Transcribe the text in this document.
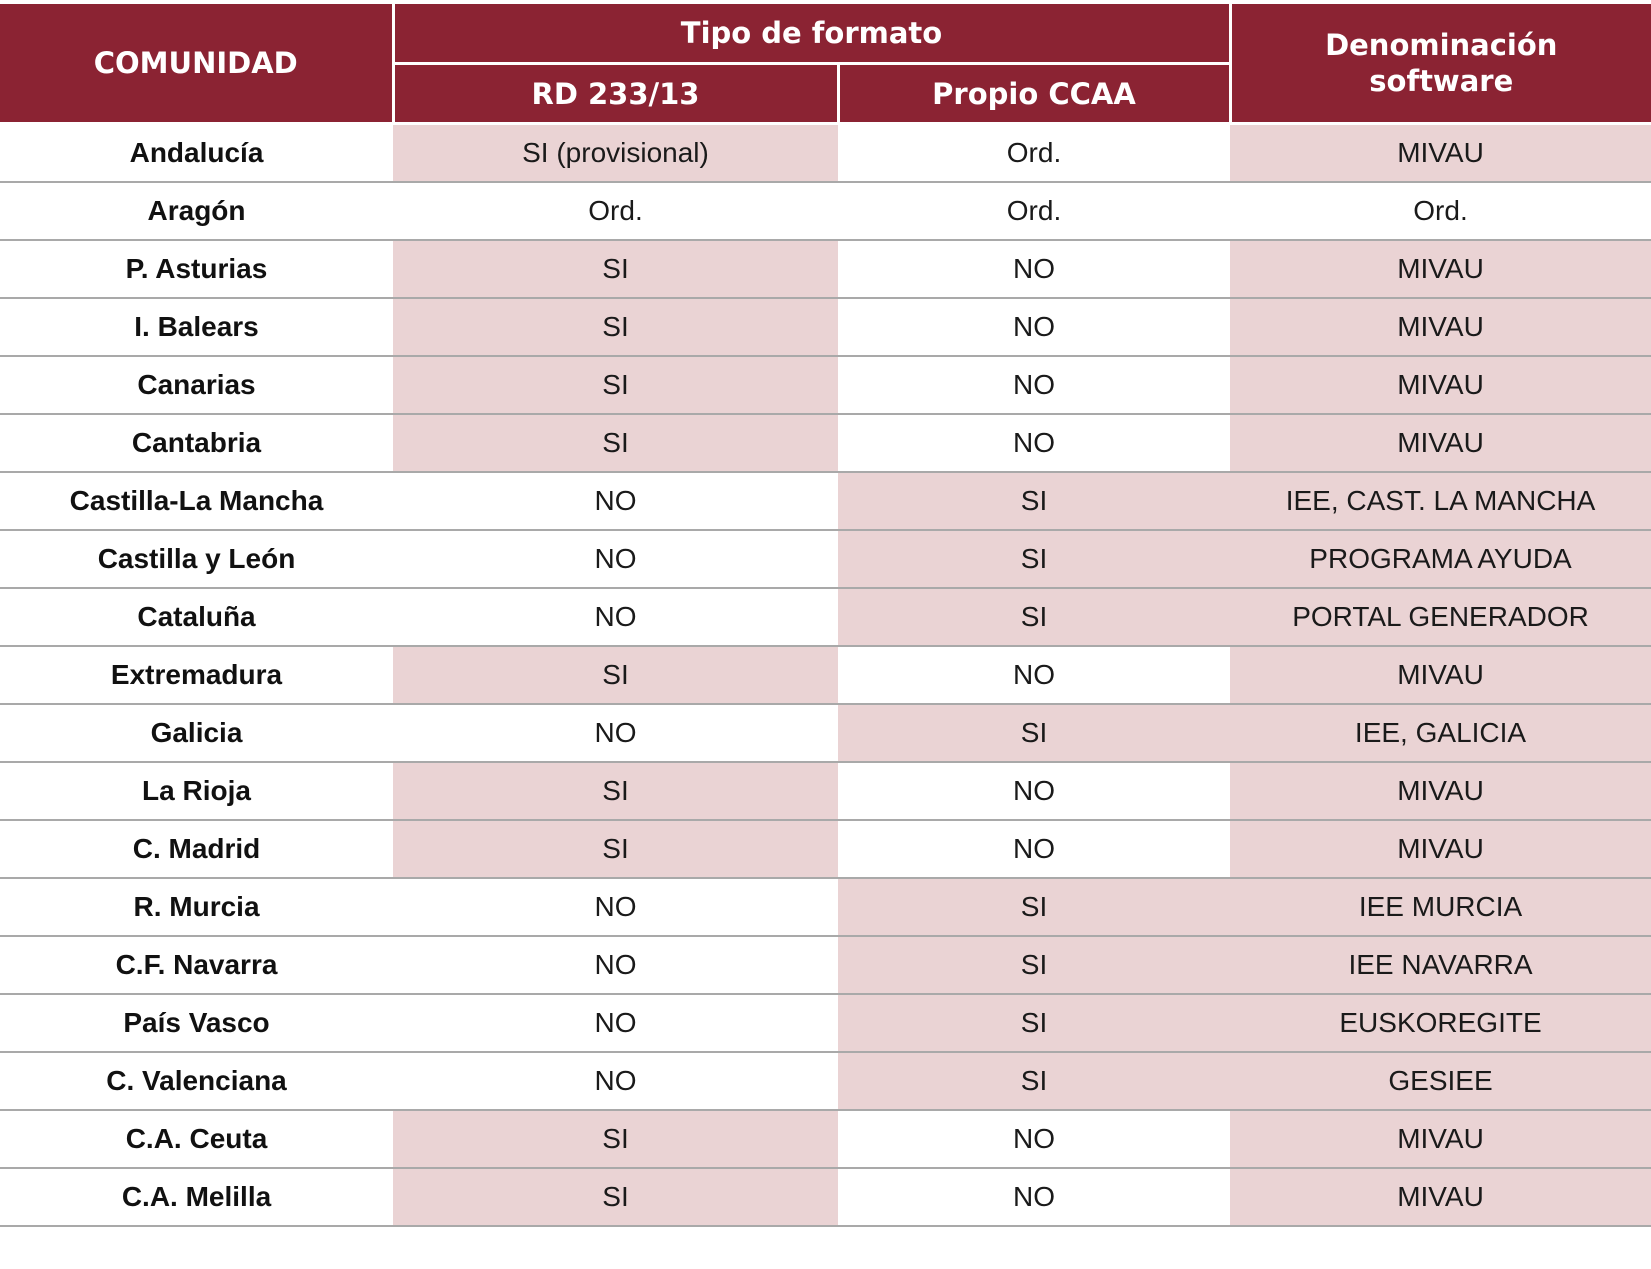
COMUNIDAD	Tipo de formato		Denominación
software

	RD 233/13	Propio CCAA	
Andalucía	SI (provisional)	Ord.	MIVAU
Aragón	Ord.	Ord.	Ord.
P. Asturias	SI	NO	MIVAU
I. Balears	SI	NO	MIVAU
Canarias	SI	NO	MIVAU
Cantabria	SI	NO	MIVAU
Castilla-La Mancha	NO	SI	IEE, CAST. LA MANCHA
Castilla y León	NO	SI	PROGRAMA AYUDA
Cataluña	NO	SI	PORTAL GENERADOR
Extremadura	SI	NO	MIVAU
Galicia	NO	SI	IEE, GALICIA
La Rioja	SI	NO	MIVAU
C. Madrid	SI	NO	MIVAU
R. Murcia	NO	SI	IEE MURCIA
C.F. Navarra	NO	SI	IEE NAVARRA
País Vasco	NO	SI	EUSKOREGITE
C. Valenciana	NO	SI	GESIEE
C.A. Ceuta	SI	NO	MIVAU
C.A. Melilla	SI	NO	MIVAU
